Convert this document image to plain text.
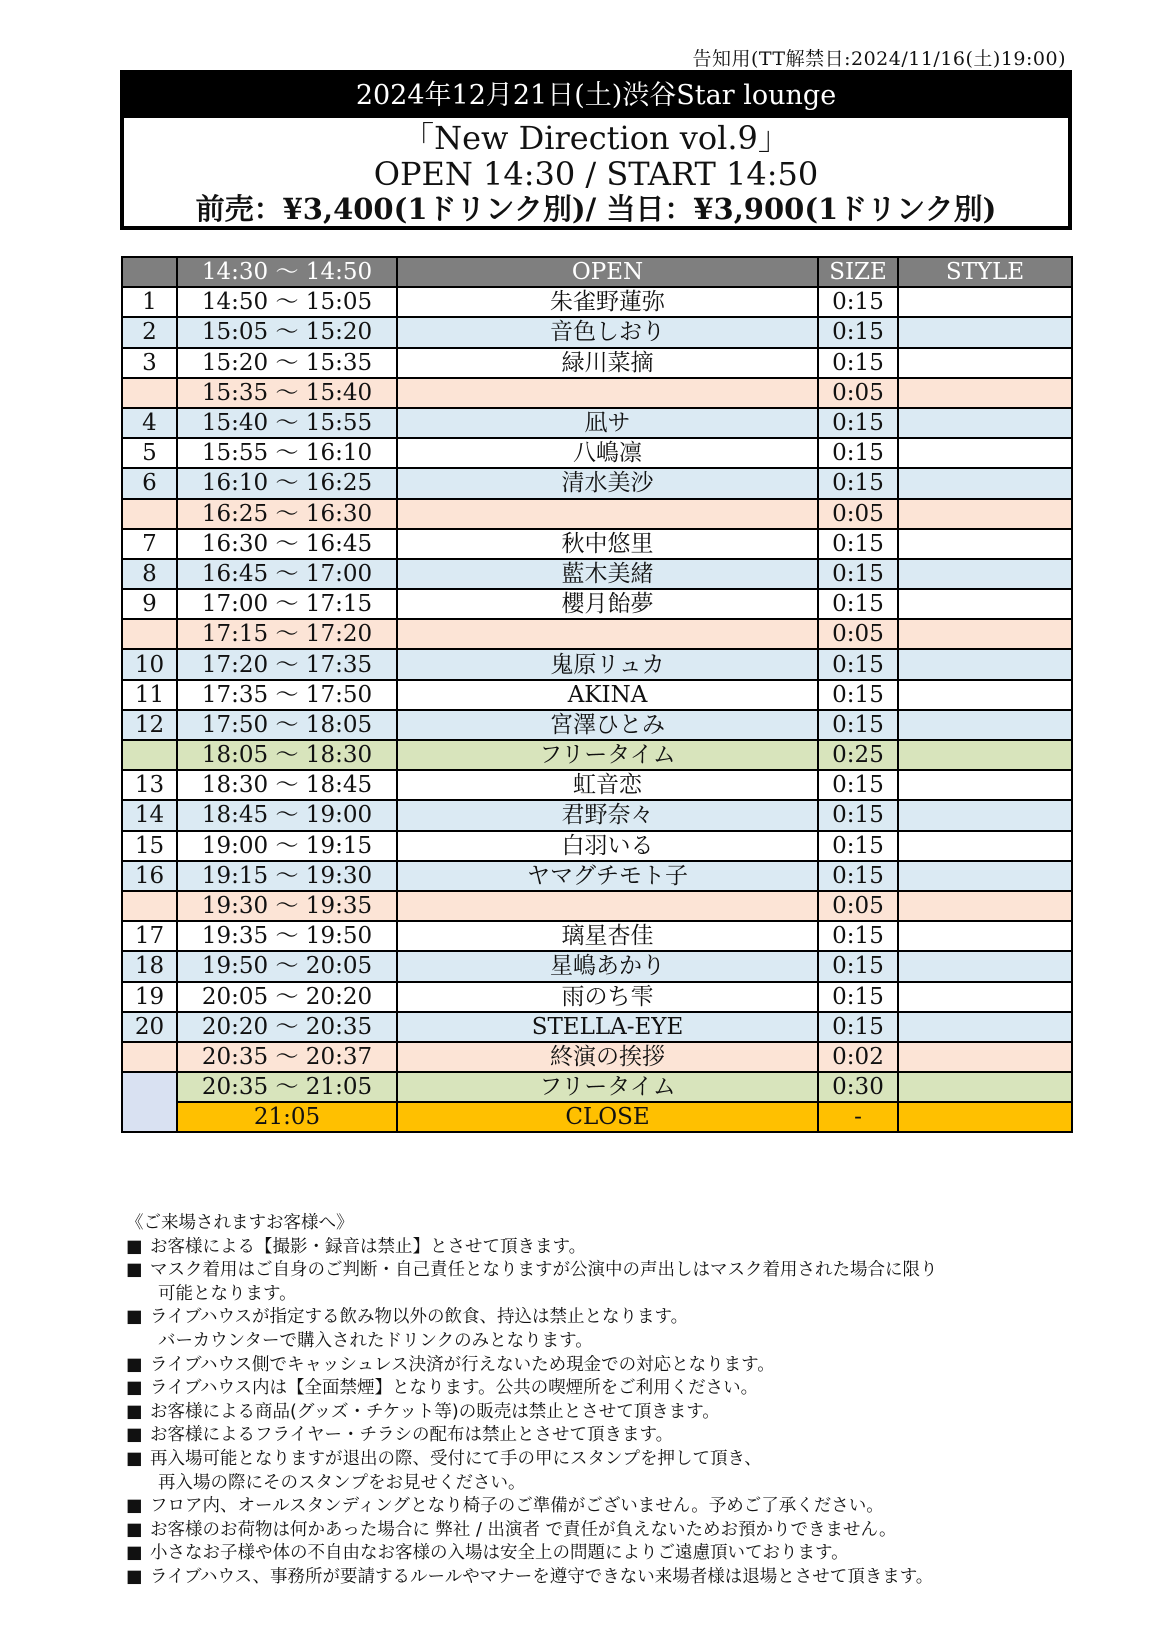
告知用(TT解禁日:2024/11/16(土)19:00)
2024年12月21日(土)渋谷Star lounge
「New Direction vol.9」
OPEN 14:30 / START 14:50
前売：¥3,400(1ドリンク別)/ 当日：¥3,900(1ドリンク別)
	14:30 ～ 14:50	OPEN	SIZE	STYLE
1	14:50 ～ 15:05	朱雀野蓮弥	0:15	
2	15:05 ～ 15:20	音色しおり	0:15	
3	15:20 ～ 15:35	緑川菜摘	0:15	
	15:35 ～ 15:40		0:05	
4	15:40 ～ 15:55	凪サ	0:15	
5	15:55 ～ 16:10	八嶋凛	0:15	
6	16:10 ～ 16:25	清水美沙	0:15	
	16:25 ～ 16:30		0:05	
7	16:30 ～ 16:45	秋中悠里	0:15	
8	16:45 ～ 17:00	藍木美緒	0:15	
9	17:00 ～ 17:15	櫻月飴夢	0:15	
	17:15 ～ 17:20		0:05	
10	17:20 ～ 17:35	鬼原リュカ	0:15	
11	17:35 ～ 17:50	AKINA	0:15	
12	17:50 ～ 18:05	宮澤ひとみ	0:15	
	18:05 ～ 18:30	フリータイム	0:25	
13	18:30 ～ 18:45	虹音恋	0:15	
14	18:45 ～ 19:00	君野奈々	0:15	
15	19:00 ～ 19:15	白羽いる	0:15	
16	19:15 ～ 19:30	ヤマグチモト子	0:15	
	19:30 ～ 19:35		0:05	
17	19:35 ～ 19:50	璃星杏佳	0:15	
18	19:50 ～ 20:05	星嶋あかり	0:15	
19	20:05 ～ 20:20	雨のち雫	0:15	
20	20:20 ～ 20:35	STELLA-EYE	0:15	
	20:35 ～ 20:37	終演の挨拶	0:02	
	20:35 ～ 21:05	フリータイム	0:30	
	21:05	CLOSE	-	
《ご来場されますお客様へ》
■ お客様による【撮影・録音は禁止】とさせて頂きます。
■ マスク着用はご自身のご判断・自己責任となりますが公演中の声出しはマスク着用された場合に限り
可能となります。
■ ライブハウスが指定する飲み物以外の飲食、持込は禁止となります。
バーカウンターで購入されたドリンクのみとなります。
■ ライブハウス側でキャッシュレス決済が行えないため現金での対応となります。
■ ライブハウス内は【全面禁煙】となります。公共の喫煙所をご利用ください。
■ お客様による商品(グッズ・チケット等)の販売は禁止とさせて頂きます。
■ お客様によるフライヤー・チラシの配布は禁止とさせて頂きます。
■ 再入場可能となりますが退出の際、受付にて手の甲にスタンプを押して頂き、
再入場の際にそのスタンプをお見せください。
■ フロア内、オールスタンディングとなり椅子のご準備がございません。予めご了承ください。
■ お客様のお荷物は何かあった場合に 弊社 / 出演者 で責任が負えないためお預かりできません。
■ 小さなお子様や体の不自由なお客様の入場は安全上の問題によりご遠慮頂いております。
■ ライブハウス、事務所が要請するルールやマナーを遵守できない来場者様は退場とさせて頂きます。
